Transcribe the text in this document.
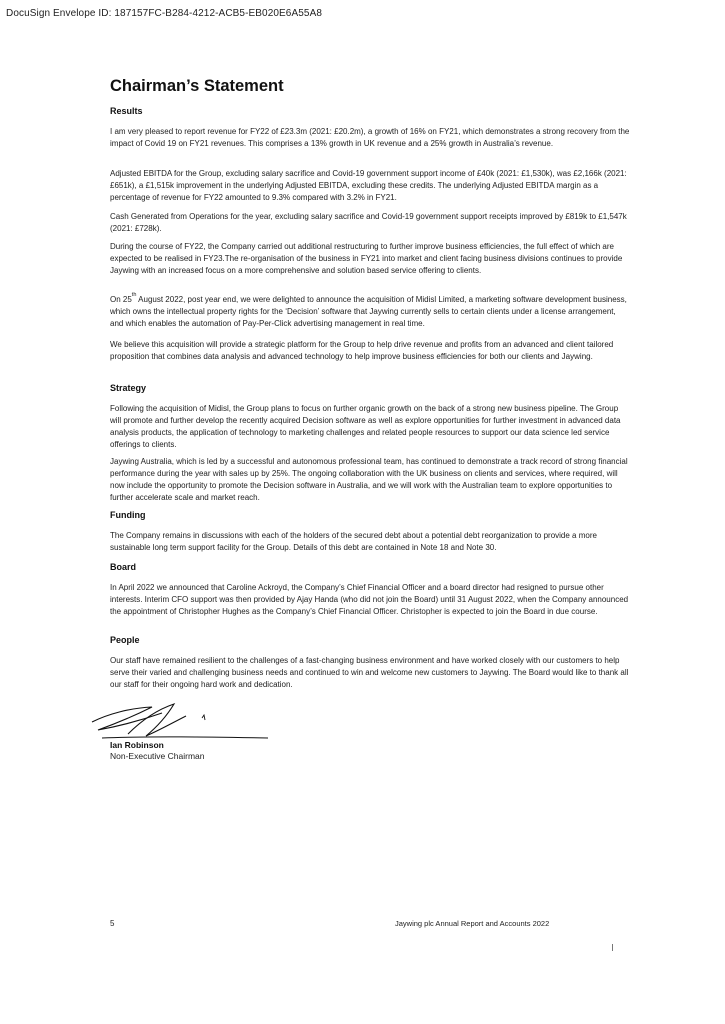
DocuSign Envelope ID: 187157FC-B284-4212-ACB5-EB020E6A55A8
Chairman’s Statement
Results

I am very pleased to report revenue for FY22 of £23.3m (2021: £20.2m), a growth of 16% on FY21, which demonstrates a strong recovery from the impact of Covid 19 on FY21 revenues. This comprises a 13% growth in UK revenue and a 25% growth in Australia’s revenue.

Adjusted EBITDA for the Group, excluding salary sacrifice and Covid-19 government support income of £40k (2021: £1,530k), was £2,166k (2021: £651k), a £1,515k improvement in the underlying Adjusted EBITDA, excluding these credits. The underlying Adjusted EBITDA margin as a percentage of revenue for FY22 amounted to 9.3% compared with 3.2% in FY21.

Cash Generated from Operations for the year, excluding salary sacrifice and Covid-19 government support receipts improved by £819k to £1,547k (2021: £728k).

During the course of FY22, the Company carried out additional restructuring to further improve business efficiencies, the full effect of which are expected to be realised in FY23.The re-organisation of the business in FY21 into market and client facing business divisions continues to provide Jaywing with an increased focus on a more comprehensive and solution based service offering to clients.

On 25th August 2022, post year end, we were delighted to announce the acquisition of Midisl Limited, a marketing software development business, which owns the intellectual property rights for the ‘Decision’ software that Jaywing currently sells to certain clients under a license arrangement, and which enables the automation of Pay-Per-Click advertising management in real time.

We believe this acquisition will provide a strategic platform for the Group to help drive revenue and profits from an advanced and client tailored proposition that combines data analysis and advanced technology to help improve business efficiencies for both our clients and Jaywing.

Strategy

Following the acquisition of Midisl, the Group plans to focus on further organic growth on the back of a strong new business pipeline. The Group will promote and further develop the recently acquired Decision software as well as explore opportunities for further investment in advanced data analysis products, the application of technology to marketing challenges and related people resources to support our data science led service offerings to clients.

Jaywing Australia, which is led by a successful and autonomous professional team, has continued to demonstrate a track record of strong financial performance during the year with sales up by 25%. The ongoing collaboration with the UK business on clients and services, where required, will now include the opportunity to promote the Decision software in Australia, and we will work with the Australian team to explore opportunities to further accelerate scale and market reach.

Funding

The Company remains in discussions with each of the holders of the secured debt about a potential debt reorganization to provide a more sustainable long term support facility for the Group. Details of this debt are contained in Note 18 and Note 30.

Board

In April 2022 we announced that Caroline Ackroyd, the Company’s Chief Financial Officer and a board director had resigned to pursue other interests. Interim CFO support was then provided by Ajay Handa (who did not join the Board) until 31 August 2022, when the Company announced the appointment of Christopher Hughes as the Company’s Chief Financial Officer. Christopher is expected to join the Board in due course.

People

Our staff have remained resilient to the challenges of a fast-changing business environment and have worked closely with our customers to help serve their varied and challenging business needs and continued to win and welcome new customers to Jaywing. The Board would like to thank all our staff for their ongoing hard work and dedication.

Ian Robinson

Non-Executive Chairman

5	Jaywing plc Annual Report and Accounts 2022
